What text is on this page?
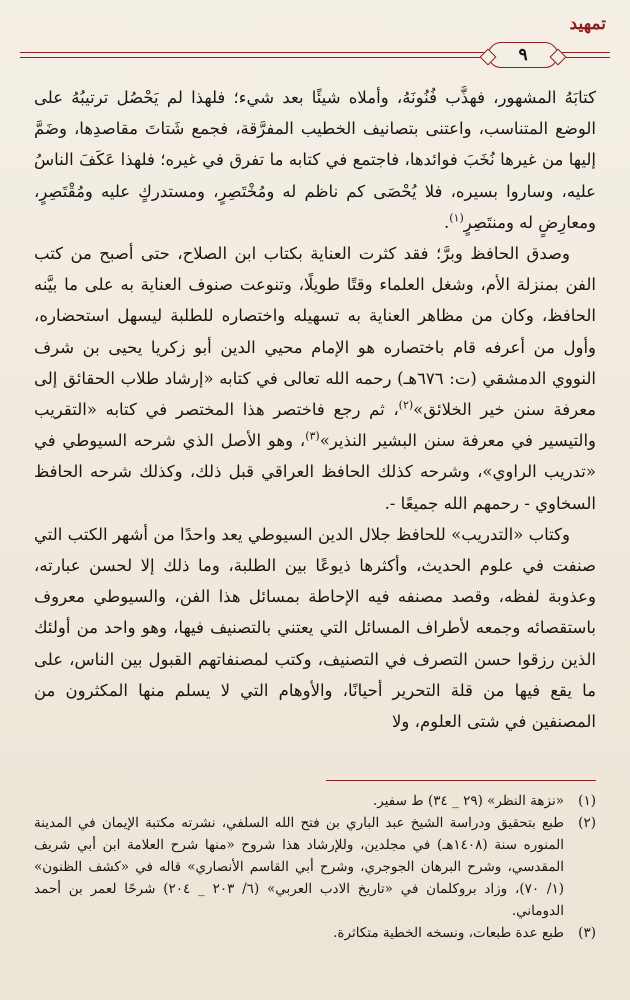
تمهيد
٩

كتابَهُ المشهور، فهذَّب فُنُونَهُ، وأملاه شيئًا بعد شيء؛ فلهذا لم يَحْصُل ترتيبُهُ على الوضع المتناسب، واعتنى بتصانيف الخطيب المفرَّقة، فجمع شَتاتَ مقاصدِها، وضَمَّ إليها من غيرها نُخَبَ فوائدها، فاجتمع في كتابه ما تفرق في غيره؛ فلهذا عَكَفَ الناسُ عليه، وساروا بسيره، فلا يُحْصَى كم ناظم له ومُخْتَصِرٍ، ومستدركٍ عليه ومُقْتَصِرٍ، ومعارِضٍ له ومنتَصِرٍ$^{(١)}$.

وصدق الحافظ وبرَّ؛ فقد كثرت العناية بكتاب ابن الصلاح، حتى أصبح من كتب الفن بمنزلة الأم، وشغل العلماء وقتًا طويلًا، وتنوعت صنوف العناية به على ما بيَّنه الحافظ، وكان من مظاهر العناية به تسهيله واختصاره للطلبة ليسهل استحضاره، وأول من أعرفه قام باختصاره هو الإمام محيي الدين أبو زكريا يحيى بن شرف النووي الدمشقي (ت: ٦٧٦هـ) رحمه الله تعالى في كتابه «إرشاد طلاب الحقائق إلى معرفة سنن خير الخلائق»$^{(٢)}$، ثم رجع فاختصر هذا المختصر في كتابه «التقريب والتيسير في معرفة سنن البشير النذير»$^{(٣)}$، وهو الأصل الذي شرحه السيوطي في «تدريب الراوي»، وشرحه كذلك الحافظ العراقي قبل ذلك، وكذلك شرحه الحافظ السخاوي - رحمهم الله جميعًا -.

وكتاب «التدريب» للحافظ جلال الدين السيوطي يعد واحدًا من أشهر الكتب التي صنفت في علوم الحديث، وأكثرها ذيوعًا بين الطلبة، وما ذلك إلا لحسن عبارته، وعذوبة لفظه، وقصد مصنفه فيه الإحاطة بمسائل هذا الفن، والسيوطي معروف باستقصائه وجمعه لأطراف المسائل التي يعتني بالتصنيف فيها، وهو واحد من أولئك الذين رزقوا حسن التصرف في التصنيف، وكتب لمصنفاتهم القبول بين الناس، على ما يقع فيها من قلة التحرير أحيانًا، والأوهام التي لا يسلم منها المكثرون من المصنفين في شتى العلوم، ولا

(١)
«نزهة النظر» (٢٩ _ ٣٤) ط سفير.
(٢)
طبع بتحقيق ودراسة الشيخ عبد الباري بن فتح الله السلفي، نشرته مكتبة الإيمان في المدينة المنوره سنة (١٤٠٨هـ) في مجلدين، وللإرشاد هذا شروح «منها شرح العلامة ابن أبي شريف المقدسي، وشرح البرهان الجوجري، وشرح أبي القاسم الأنصاري» قاله في «كشف الظنون» (١/ ٧٠)، وزاد بروكلمان في «تاريخ الادب العربي» (٦/ ٢٠٣ _ ٢٠٤) شرحًا لعمر بن أحمد الدوماني.
(٣)
طبع عدة طبعات، ونسخه الخطية متكاثرة.
